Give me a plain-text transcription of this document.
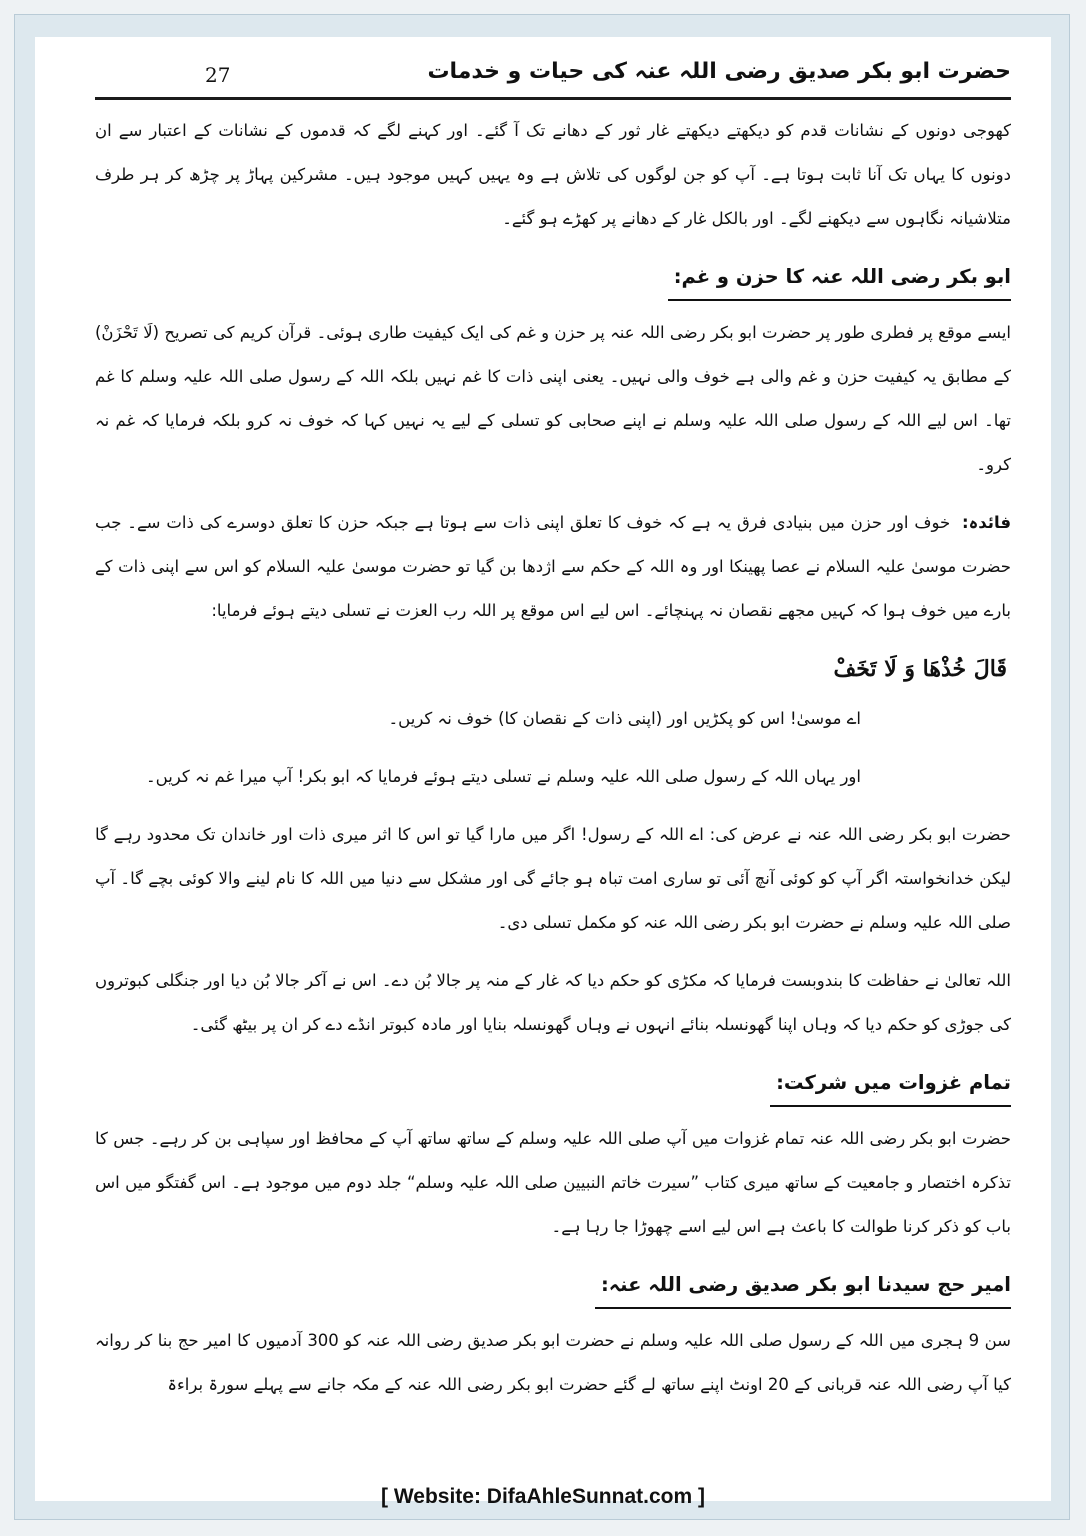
حضرت ابو بکر صدیق رضی اللہ عنہ کی حیات و خدمات
27

کھوجی دونوں کے نشانات قدم کو دیکھتے دیکھتے غار ثور کے دھانے تک آ گئے۔ اور کہنے لگے کہ قدموں کے نشانات کے اعتبار سے ان دونوں کا یہاں تک آنا ثابت ہوتا ہے۔ آپ کو جن لوگوں کی تلاش ہے وہ یہیں کہیں موجود ہیں۔ مشرکین پہاڑ پر چڑھ کر ہر طرف متلاشیانہ نگاہوں سے دیکھنے لگے۔ اور بالکل غار کے دھانے پر کھڑے ہو گئے۔

ابو بکر رضی اللہ عنہ کا حزن و غم:

ایسے موقع پر فطری طور پر حضرت ابو بکر رضی اللہ عنہ پر حزن و غم کی ایک کیفیت طاری ہوئی۔ قرآن کریم کی تصریح (لَا تَحْزَنْ) کے مطابق یہ کیفیت حزن و غم والی ہے خوف والی نہیں۔ یعنی اپنی ذات کا غم نہیں بلکہ اللہ کے رسول صلی اللہ علیہ وسلم کا غم تھا۔ اس لیے اللہ کے رسول صلی اللہ علیہ وسلم نے اپنے صحابی کو تسلی کے لیے یہ نہیں کہا کہ خوف نہ کرو بلکہ فرمایا کہ غم نہ کرو۔

فائدہ:  خوف اور حزن میں بنیادی فرق یہ ہے کہ خوف کا تعلق اپنی ذات سے ہوتا ہے جبکہ حزن کا تعلق دوسرے کی ذات سے۔ جب حضرت موسیٰ علیہ السلام نے عصا پھینکا اور وہ اللہ کے حکم سے اژدھا بن گیا تو حضرت موسیٰ علیہ السلام کو اس سے اپنی ذات کے بارے میں خوف ہوا کہ کہیں مجھے نقصان نہ پہنچائے۔ اس لیے اس موقع پر اللہ رب العزت نے تسلی دیتے ہوئے فرمایا:

قَالَ خُذْهَا وَ لَا تَخَفْ

اے موسیٰ! اس کو پکڑیں اور (اپنی ذات کے نقصان کا) خوف نہ کریں۔

اور یہاں اللہ کے رسول صلی اللہ علیہ وسلم نے تسلی دیتے ہوئے فرمایا کہ ابو بکر! آپ میرا غم نہ کریں۔

حضرت ابو بکر رضی اللہ عنہ نے عرض کی: اے اللہ کے رسول! اگر میں مارا گیا تو اس کا اثر میری ذات اور خاندان تک محدود رہے گا لیکن خدانخواستہ اگر آپ کو کوئی آنچ آئی تو ساری امت تباہ ہو جائے گی اور مشکل سے دنیا میں اللہ کا نام لینے والا کوئی بچے گا۔ آپ صلی اللہ علیہ وسلم نے حضرت ابو بکر رضی اللہ عنہ کو مکمل تسلی دی۔

اللہ تعالیٰ نے حفاظت کا بندوبست فرمایا کہ مکڑی کو حکم دیا کہ غار کے منہ پر جالا بُن دے۔ اس نے آکر جالا بُن دیا اور جنگلی کبوتروں کی جوڑی کو حکم دیا کہ وہاں اپنا گھونسلہ بنائے انہوں نے وہاں گھونسلہ بنایا اور مادہ کبوتر انڈے دے کر ان پر بیٹھ گئی۔

تمام غزوات میں شرکت:

حضرت ابو بکر رضی اللہ عنہ تمام غزوات میں آپ صلی اللہ علیہ وسلم کے ساتھ ساتھ آپ کے محافظ اور سپاہی بن کر رہے۔ جس کا تذکرہ اختصار و جامعیت کے ساتھ میری کتاب ”سیرت خاتم النبیین صلی اللہ علیہ وسلم“ جلد دوم میں موجود ہے۔ اس گفتگو میں اس باب کو ذکر کرنا طوالت کا باعث ہے اس لیے اسے چھوڑا جا رہا ہے۔

امیر حج سیدنا ابو بکر صدیق رضی اللہ عنہ:

سن 9 ہجری میں اللہ کے رسول صلی اللہ علیہ وسلم نے حضرت ابو بکر صدیق رضی اللہ عنہ کو 300 آدمیوں کا امیر حج بنا کر روانہ کیا آپ رضی اللہ عنہ قربانی کے 20 اونٹ اپنے ساتھ لے گئے حضرت ابو بکر رضی اللہ عنہ کے مکہ جانے سے پہلے سورۃ براءۃ

[ Website: DifaAhleSunnat.com ]
